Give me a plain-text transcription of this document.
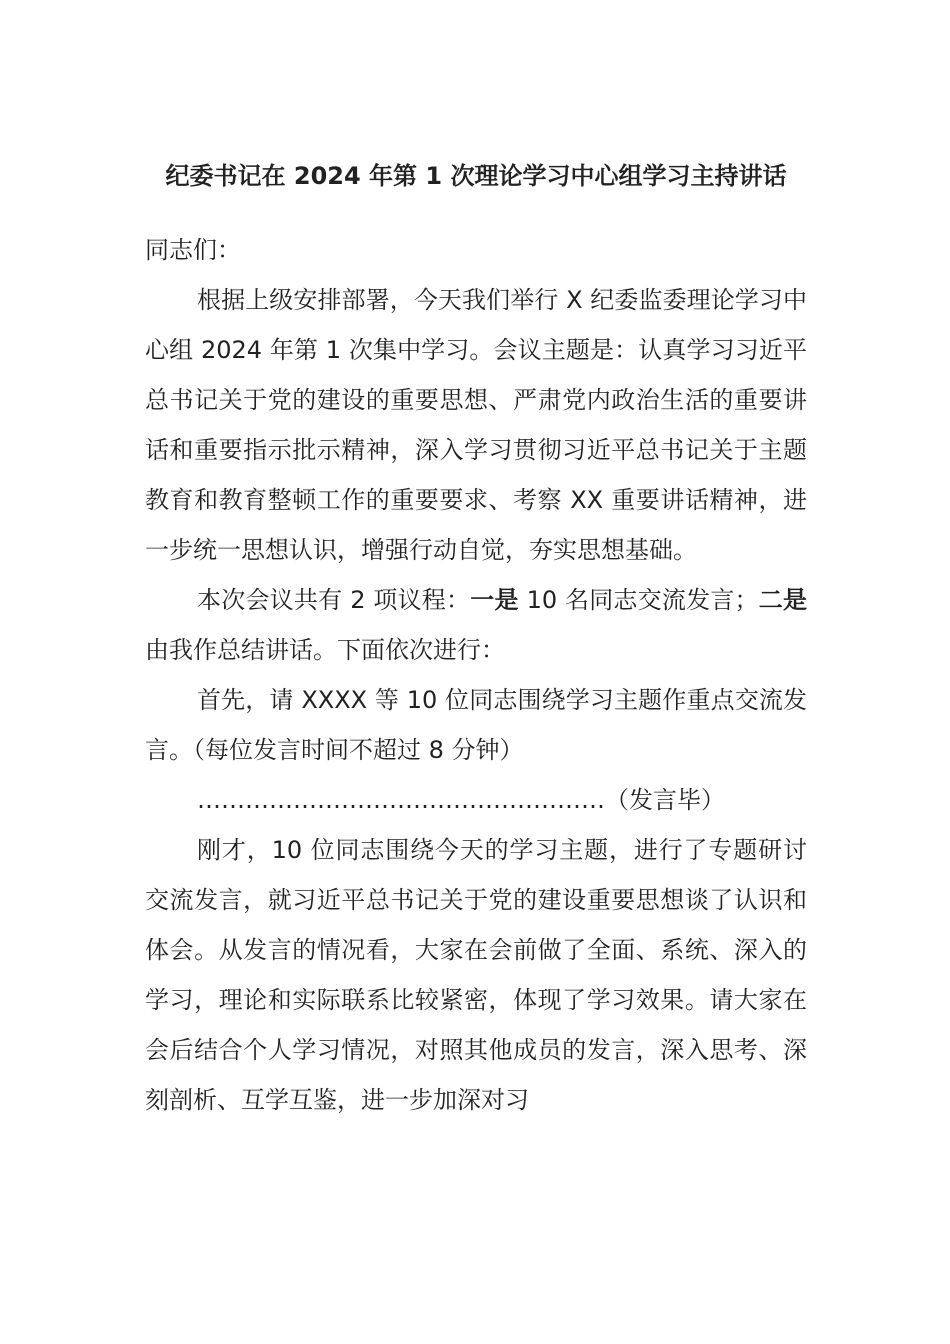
纪委书记在 2024 年第 1 次理论学习中心组学习主持讲话

同志们：

根据上级安排部署，今天我们举行 X 纪委监委理论学习中心组 2024 年第 1 次集中学习。会议主题是：认真学习习近平总书记关于党的建设的重要思想、严肃党内政治生活的重要讲话和重要指示批示精神，深入学习贯彻习近平总书记关于主题教育和教育整顿工作的重要要求、考察 XX 重要讲话精神，进一步统一思想认识，增强行动自觉，夯实思想基础。

本次会议共有 2 项议程：一是 10 名同志交流发言；二是由我作总结讲话。下面依次进行：

首先，请 XXXX 等 10 位同志围绕学习主题作重点交流发言。（每位发言时间不超过 8 分钟）

……………………………………………（发言毕）

刚才，10 位同志围绕今天的学习主题，进行了专题研讨交流发言，就习近平总书记关于党的建设重要思想谈了认识和体会。从发言的情况看，大家在会前做了全面、系统、深入的学习，理论和实际联系比较紧密，体现了学习效果。请大家在会后结合个人学习情况，对照其他成员的发言，深入思考、深刻剖析、互学互鉴，进一步加深对习
